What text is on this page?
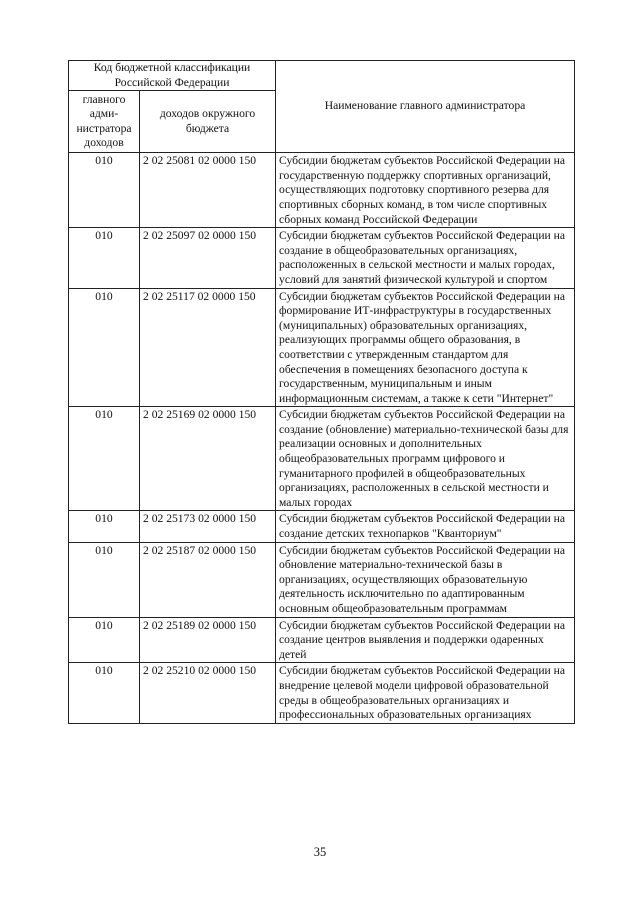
Код бюджетной классификации Российской Федерации		Наименование главного администратора
главного адми-нистратора доходов	доходов окружного бюджета	
010	2 02 25081 02 0000 150	Субсидии бюджетам субъектов Российской Федерации на государственную поддержку спортивных организаций, осуществляющих подготовку спортивного резерва для спортивных сборных команд, в том числе спортивных сборных команд Российской Федерации
010	2 02 25097 02 0000 150	Субсидии бюджетам субъектов Российской Федерации на создание в общеобразовательных организациях, расположенных в сельской местности и малых городах, условий для занятий физической культурой и спортом
010	2 02 25117 02 0000 150	Субсидии бюджетам субъектов Российской Федерации на формирование ИТ-инфраструктуры в государственных (муниципальных) образовательных организациях, реализующих программы общего образования, в соответствии с утвержденным стандартом для обеспечения в помещениях безопасного доступа к государственным, муниципальным и иным информационным системам, а также к сети "Интернет"
010	2 02 25169 02 0000 150	Субсидии бюджетам субъектов Российской Федерации на создание (обновление) материально-технической базы для реализации основных и дополнительных общеобразовательных программ цифрового и гуманитарного профилей в общеобразовательных организациях, расположенных в сельской местности и малых городах
010	2 02 25173 02 0000 150	Субсидии бюджетам субъектов Российской Федерации на создание детских технопарков "Кванториум"
010	2 02 25187 02 0000 150	Субсидии бюджетам субъектов Российской Федерации на обновление материально-технической базы в организациях, осуществляющих образовательную деятельность исключительно по адаптированным основным общеобразовательным программам
010	2 02 25189 02 0000 150	Субсидии бюджетам субъектов Российской Федерации на создание центров выявления и поддержки одаренных детей
010	2 02 25210 02 0000 150	Субсидии бюджетам субъектов Российской Федерации на внедрение целевой модели цифровой образовательной среды в общеобразовательных организациях и профессиональных образовательных организациях
35
